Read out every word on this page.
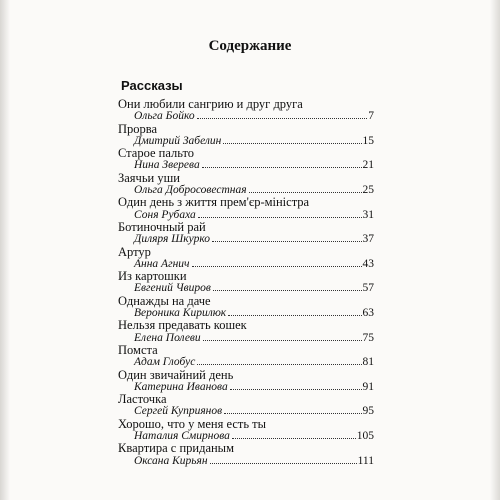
Содержание
Рассказы
Они любили сангрию и друг друга
Ольга Бойко	7
Прорва
Дмитрий Забелин	15
Старое пальто
Нина Зверева	21
Заячьи уши
Ольга Добросовестная	25
Один день з життя прем'єр-міністра
Соня Рубаха	31
Ботиночный рай
Диляря Шкурко	37
Артур
Анна Агнич	43
Из картошки
Евгений Чвиров	57
Однажды на даче
Вероника Кирилюк	63
Нельзя предавать кошек
Елена Полеви	75
Помста
Адам Глобус	81
Один звичайний день
Катерина Иванова	91
Ласточка
Сергей Куприянов	95
Хорошо, что у меня есть ты
Наталия Смирнова	105
Квартира с приданым
Оксана Кирьян	111
